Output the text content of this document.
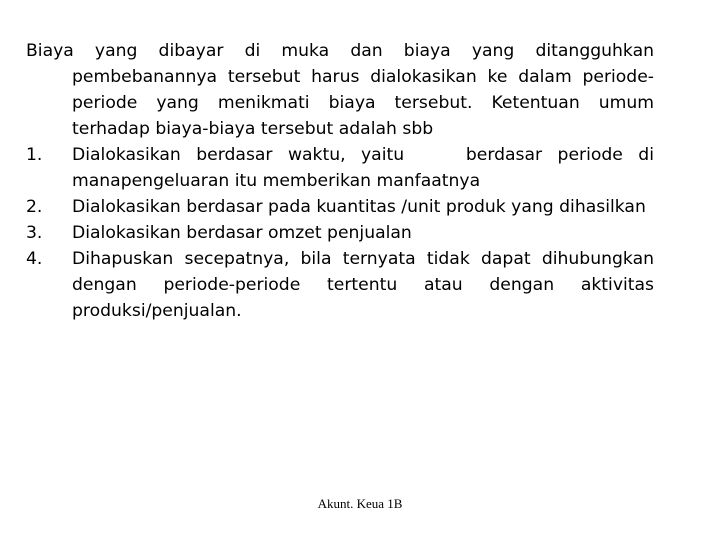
Biaya yang dibayar di muka dan biaya yang ditangguhkan pembebanannya tersebut harus dialokasikan ke dalam periode-periode yang menikmati biaya tersebut. Ketentuan umum terhadap biaya-biaya tersebut adalah sbb

1. Dialokasikan berdasar waktu, yaitu    berdasar periode di manapengeluaran itu memberikan manfaatnya
2. Dialokasikan berdasar pada kuantitas /unit produk yang dihasilkan
3. Dialokasikan berdasar omzet penjualan
4. Dihapuskan secepatnya, bila ternyata tidak dapat dihubungkan dengan periode-periode tertentu atau dengan aktivitas produksi/penjualan.
Akunt. Keua 1B
